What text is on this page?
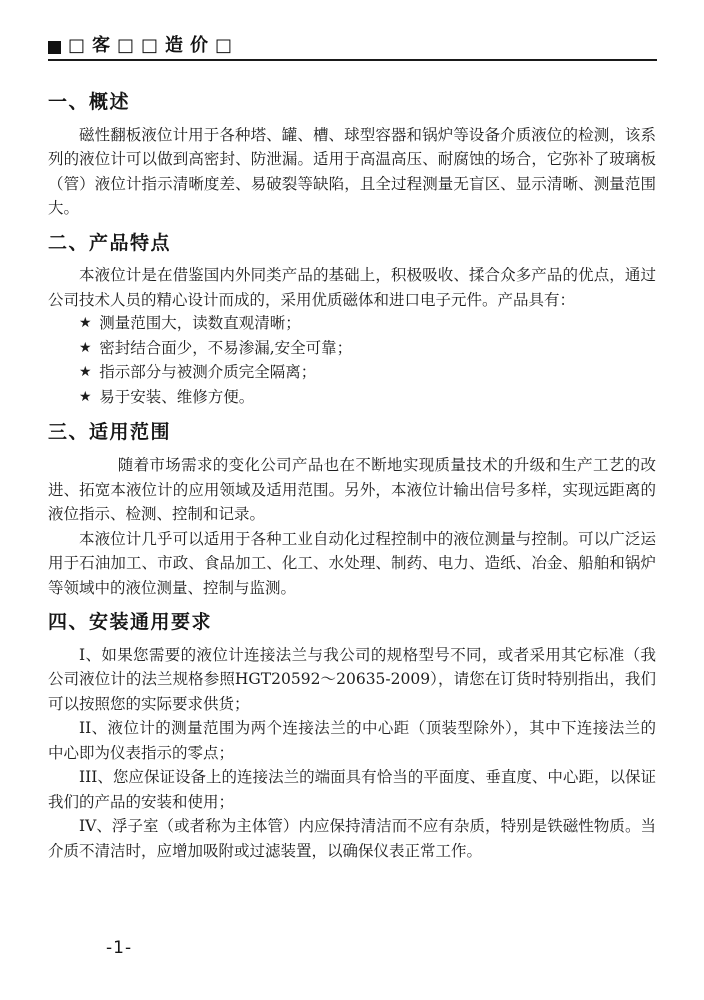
□客□□造价□
一、概述

磁性翻板液位计用于各种塔、罐、槽、球型容器和锅炉等设备介质液位的检测，该系列的液位计可以做到高密封、防泄漏。适用于高温高压、耐腐蚀的场合，它弥补了玻璃板（管）液位计指示清晰度差、易破裂等缺陷，且全过程测量无盲区、显示清晰、测量范围大。

二、产品特点

本液位计是在借鉴国内外同类产品的基础上，积极吸收、揉合众多产品的优点，通过公司技术人员的精心设计而成的，采用优质磁体和进口电子元件。产品具有：

★ 测量范围大，读数直观清晰；
★ 密封结合面少，不易渗漏,安全可靠；
★ 指示部分与被测介质完全隔离；
★ 易于安装、维修方便。
三、适用范围

随着市场需求的变化公司产品也在不断地实现质量技术的升级和生产工艺的改进、拓宽本液位计的应用领域及适用范围。另外，本液位计输出信号多样，实现远距离的液位指示、检测、控制和记录。

本液位计几乎可以适用于各种工业自动化过程控制中的液位测量与控制。可以广泛运用于石油加工、市政、食品加工、化工、水处理、制药、电力、造纸、冶金、船舶和锅炉等领域中的液位测量、控制与监测。

四、安装通用要求

I、如果您需要的液位计连接法兰与我公司的规格型号不同，或者采用其它标准（我公司液位计的法兰规格参照HGT20592～20635-2009），请您在订货时特别指出，我们可以按照您的实际要求供货；

II、液位计的测量范围为两个连接法兰的中心距（顶装型除外），其中下连接法兰的中心即为仪表指示的零点；

III、您应保证设备上的连接法兰的端面具有恰当的平面度、垂直度、中心距，以保证我们的产品的安装和使用；

IV、浮子室（或者称为主体管）内应保持清洁而不应有杂质，特别是铁磁性物质。当介质不清洁时，应增加吸附或过滤装置，以确保仪表正常工作。

-1-
